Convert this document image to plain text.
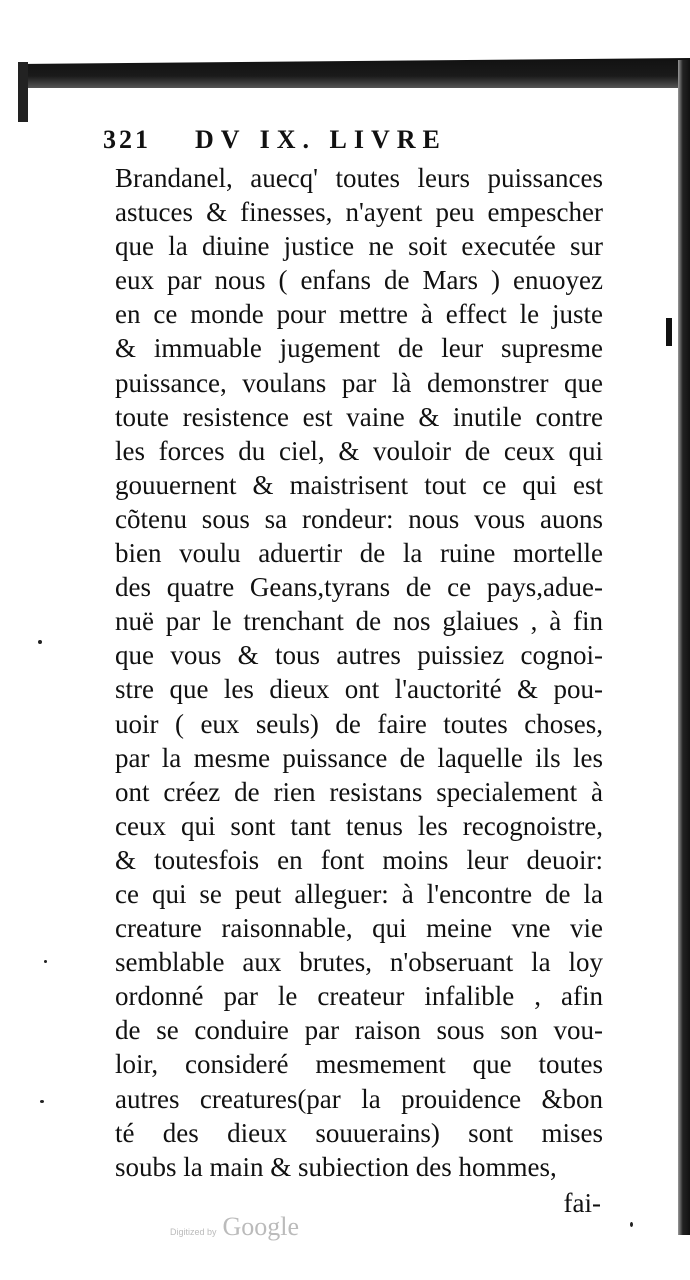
321 DV IX. LIVRE
Brandanel, auecq' toutes leurs puissances
astuces & finesses, n'ayent peu empescher
que la diuine justice ne soit executée sur
eux par nous ( enfans de Mars ) enuoyez
en ce monde pour mettre à effect le juste
& immuable jugement de leur supresme
puissance, voulans par là demonstrer que
toute resistence est vaine & inutile contre
les forces du ciel, & vouloir de ceux qui
gouuernent & maistrisent tout ce qui est
cõtenu sous sa rondeur: nous vous auons
bien voulu aduertir de la ruine mortelle
des quatre Geans,tyrans de ce pays,adue-
nuë par le trenchant de nos glaiues , à fin
que vous & tous autres puissiez cognoi-
stre que les dieux ont l'auctorité & pou-
uoir ( eux seuls) de faire toutes choses,
par la mesme puissance de laquelle ils les
ont créez de rien resistans specialement à
ceux qui sont tant tenus les recognoistre,
& toutesfois en font moins leur deuoir:
ce qui se peut alleguer: à l'encontre de la
creature raisonnable, qui meine vne vie
semblable aux brutes, n'obseruant la loy
ordonné par le createur infalible , afin
de se conduire par raison sous son vou-
loir, consideré mesmement que toutes
autres creatures(par la prouidence &bon
té des dieux souuerains) sont mises
soubs la main & subiection des hommes,
fai-
Digitized by Google
